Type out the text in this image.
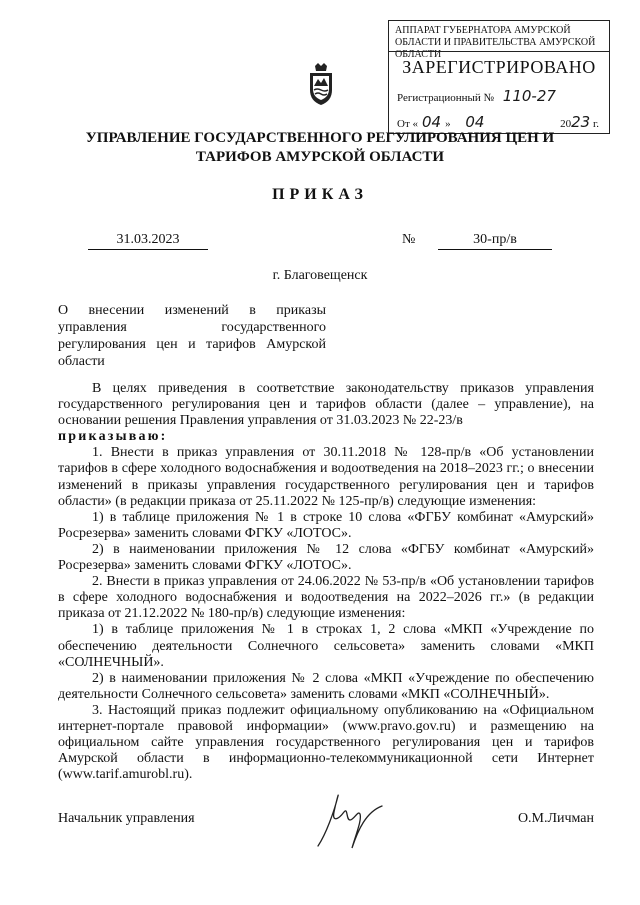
АППАРАТ ГУБЕРНАТОРА АМУРСКОЙ ОБЛАСТИ И ПРАВИТЕЛЬСТВА АМУРСКОЙ ОБЛАСТИ
ЗАРЕГИСТРИРОВАНО
Регистрационный № 110-27
От « 04 » 04	2023 г.
УПРАВЛЕНИЕ ГОСУДАРСТВЕННОГО РЕГУЛИРОВАНИЯ ЦЕН И ТАРИФОВ АМУРСКОЙ ОБЛАСТИ
ПРИКАЗ
31.03.2023	№	30-пр/в
г. Благовещенск
О внесении изменений в приказы управления государственного регулирования цен и тарифов Амурской области

В целях приведения в соответствие законодательству приказов управления государственного регулирования цен и тарифов области (далее – управление), на основании решения Правления управления от 31.03.2023 № 22-23/в

приказываю:

1. Внести в приказ управления от 30.11.2018 № 128-пр/в «Об установлении тарифов в сфере холодного водоснабжения и водоотведения на 2018–2023 гг.; о внесении изменений в приказы управления государственного регулирования цен и тарифов области» (в редакции приказа от 25.11.2022 № 125-пр/в) следующие изменения:

1) в таблице приложения № 1 в строке 10 слова «ФГБУ комбинат «Амурский» Росрезерва» заменить словами ФГКУ «ЛОТОС».

2) в наименовании приложения № 12 слова «ФГБУ комбинат «Амурский» Росрезерва» заменить словами ФГКУ «ЛОТОС».

2. Внести в приказ управления от 24.06.2022 № 53-пр/в «Об установлении тарифов в сфере холодного водоснабжения и водоотведения на 2022–2026 гг.» (в редакции приказа от 21.12.2022 № 180-пр/в) следующие изменения:

1) в таблице приложения № 1 в строках 1, 2 слова «МКП «Учреждение по обеспечению деятельности Солнечного сельсовета» заменить словами «МКП «СОЛНЕЧНЫЙ».

2) в наименовании приложения № 2 слова «МКП «Учреждение по обеспечению деятельности Солнечного сельсовета» заменить словами «МКП «СОЛНЕЧНЫЙ».

3. Настоящий приказ подлежит официальному опубликованию на «Официальном интернет-портале правовой информации» (www.pravo.gov.ru) и размещению на официальном сайте управления государственного регулирования цен и тарифов Амурской области в информационно-телекоммуникационной сети Интернет (www.tarif.amurobl.ru).

Начальник управления	О.М.Личман
